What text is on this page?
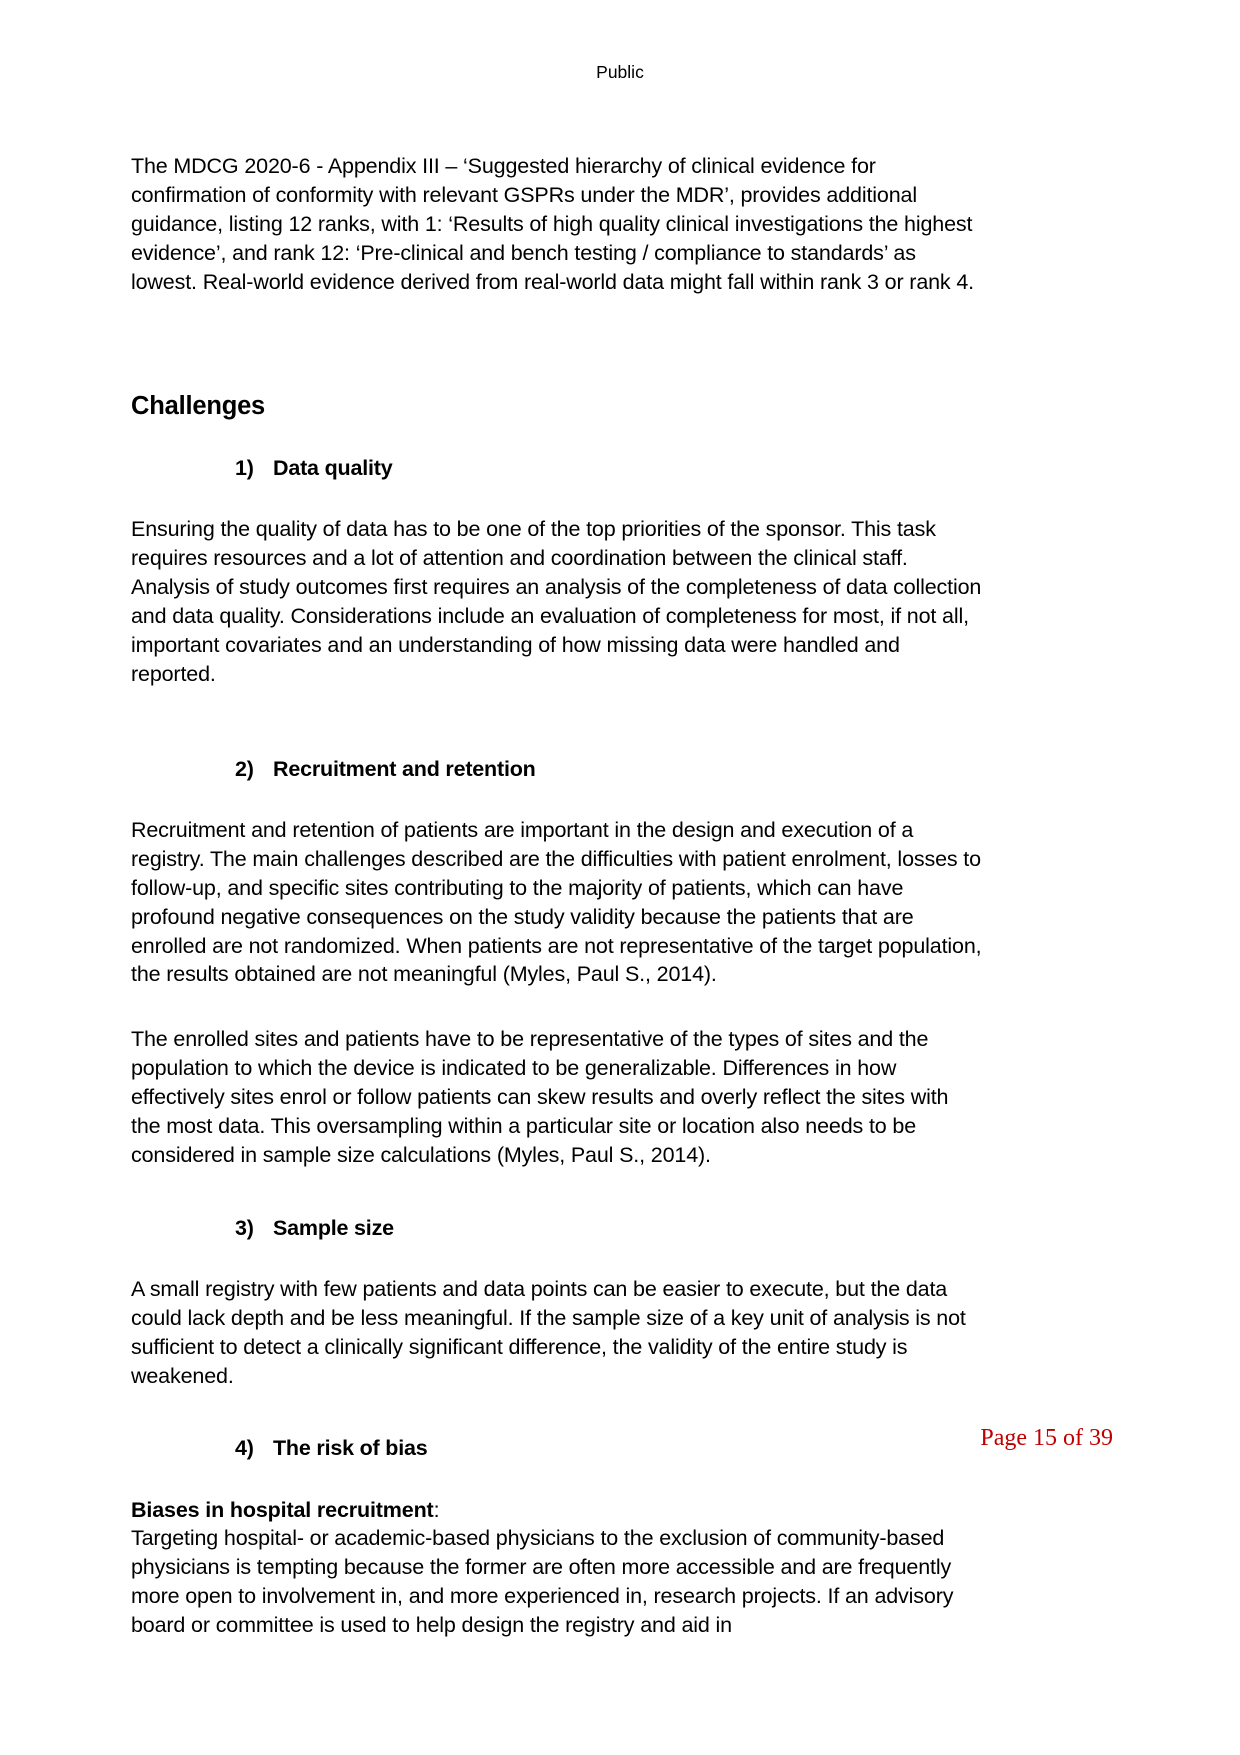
Public

The MDCG 2020-6 - Appendix III – ‘Suggested hierarchy of clinical evidence for confirmation of conformity with relevant GSPRs under the MDR’, provides additional guidance, listing 12 ranks, with 1: ‘Results of high quality clinical investigations the highest evidence’, and rank 12: ‘Pre-clinical and bench testing / compliance to standards’ as lowest. Real-world evidence derived from real-world data might fall within rank 3 or rank 4.

Challenges
1) Data quality

Ensuring the quality of data has to be one of the top priorities of the sponsor. This task requires resources and a lot of attention and coordination between the clinical staff. Analysis of study outcomes first requires an analysis of the completeness of data collection and data quality. Considerations include an evaluation of completeness for most, if not all, important covariates and an understanding of how missing data were handled and reported.

2) Recruitment and retention

Recruitment and retention of patients are important in the design and execution of a registry. The main challenges described are the difficulties with patient enrolment, losses to follow-up, and specific sites contributing to the majority of patients, which can have profound negative consequences on the study validity because the patients that are enrolled are not randomized. When patients are not representative of the target population, the results obtained are not meaningful (Myles, Paul S., 2014).

The enrolled sites and patients have to be representative of the types of sites and the population to which the device is indicated to be generalizable. Differences in how effectively sites enrol or follow patients can skew results and overly reflect the sites with the most data. This oversampling within a particular site or location also needs to be considered in sample size calculations (Myles, Paul S., 2014).

3) Sample size

A small registry with few patients and data points can be easier to execute, but the data could lack depth and be less meaningful. If the sample size of a key unit of analysis is not sufficient to detect a clinically significant difference, the validity of the entire study is weakened.

4) The risk of bias

Biases in hospital recruitment:
Targeting hospital- or academic-based physicians to the exclusion of community-based physicians is tempting because the former are often more accessible and are frequently more open to involvement in, and more experienced in, research projects. If an advisory board or committee is used to help design the registry and aid in

Page 15 of 39
